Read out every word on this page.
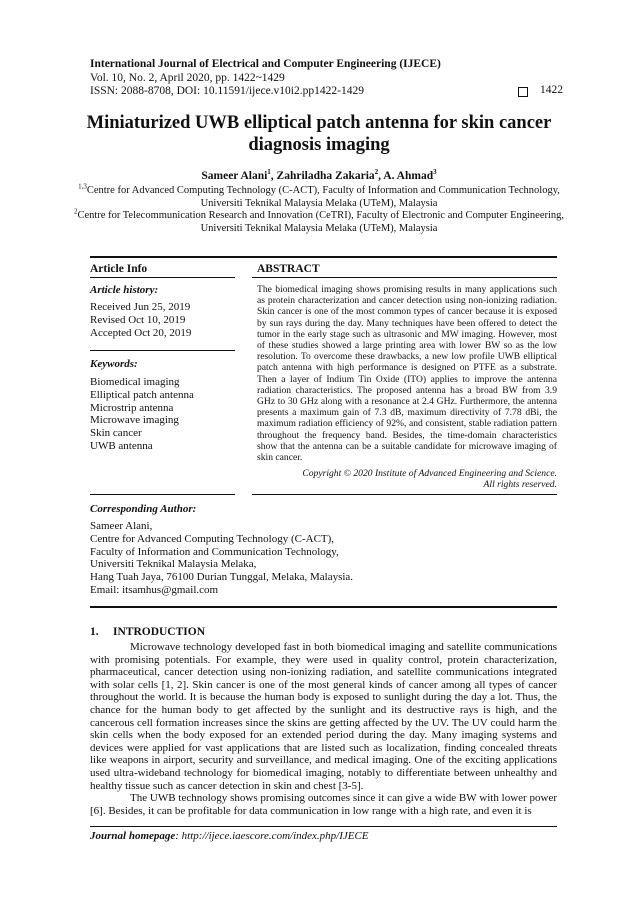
International Journal of Electrical and Computer Engineering (IJECE)
Vol. 10, No. 2, April 2020, pp. 1422~1429
ISSN: 2088-8708, DOI: 10.11591/ijece.v10i2.pp1422-1429	1422
Miniaturized UWB elliptical patch antenna for skin cancer
diagnosis imaging
Sameer Alani$^1$, Zahriladha Zakaria$^2$, A. Ahmad$^3$
$^{1,3}$Centre for Advanced Computing Technology (C-ACT), Faculty of Information and Communication Technology,
Universiti Teknikal Malaysia Melaka (UTeM), Malaysia
$^2$Centre for Telecommunication Research and Innovation (CeTRI), Faculty of Electronic and Computer Engineering,
Universiti Teknikal Malaysia Melaka (UTeM), Malaysia
Article Info	ABSTRACT
Article history:
Received Jun 25, 2019
Revised Oct 10, 2019
Accepted Oct 20, 2019
Keywords:
Biomedical imaging
Elliptical patch antenna
Microstrip antenna
Microwave imaging
Skin cancer
UWB antenna
The biomedical imaging shows promising results in many applications such as protein characterization and cancer detection using non-ionizing radiation. Skin cancer is one of the most common types of cancer because it is exposed by sun rays during the day. Many techniques have been offered to detect the tumor in the early stage such as ultrasonic and MW imaging. However, most of these studies showed a large printing area with lower BW so as the low resolution. To overcome these drawbacks, a new low profile UWB elliptical patch antenna with high performance is designed on PTFE as a substrate. Then a layer of Indium Tin Oxide (ITO) applies to improve the antenna radiation characteristics. The proposed antenna has a broad BW from 3.9 GHz to 30 GHz along with a resonance at 2.4 GHz. Furthermore, the antenna presents a maximum gain of 7.3 dB, maximum directivity of 7.78 dBi, the maximum radiation efficiency of 92%, and consistent, stable radiation pattern throughout the frequency band. Besides, the time-domain characteristics show that the antenna can be a suitable candidate for microwave imaging of skin cancer.
Copyright © 2020 Institute of Advanced Engineering and Science.
All rights reserved.
Corresponding Author:
Sameer Alani,
Centre for Advanced Computing Technology (C-ACT),
Faculty of Information and Communication Technology,
Universiti Teknikal Malaysia Melaka,
Hang Tuah Jaya, 76100 Durian Tunggal, Melaka, Malaysia.
Email: itsamhus@gmail.com
1.     INTRODUCTION

Microwave technology developed fast in both biomedical imaging and satellite communications with promising potentials. For example, they were used in quality control, protein characterization, pharmaceutical, cancer detection using non-ionizing radiation, and satellite communications integrated with solar cells [1, 2]. Skin cancer is one of the most general kinds of cancer among all types of cancer throughout the world. It is because the human body is exposed to sunlight during the day a lot. Thus, the chance for the human body to get affected by the sunlight and its destructive rays is high, and the cancerous cell formation increases since the skins are getting affected by the UV. The UV could harm the skin cells when the body exposed for an extended period during the day. Many imaging systems and devices were applied for vast applications that are listed such as localization, finding concealed threats like weapons in airport, security and surveillance, and medical imaging. One of the exciting applications used ultra-wideband technology for biomedical imaging, notably to differentiate between unhealthy and healthy tissue such as cancer detection in skin and chest [3-5].

The UWB technology shows promising outcomes since it can give a wide BW with lower power [6]. Besides, it can be profitable for data communication in low range with a high rate, and even it is

Journal homepage: http://ijece.iaescore.com/index.php/IJECE
